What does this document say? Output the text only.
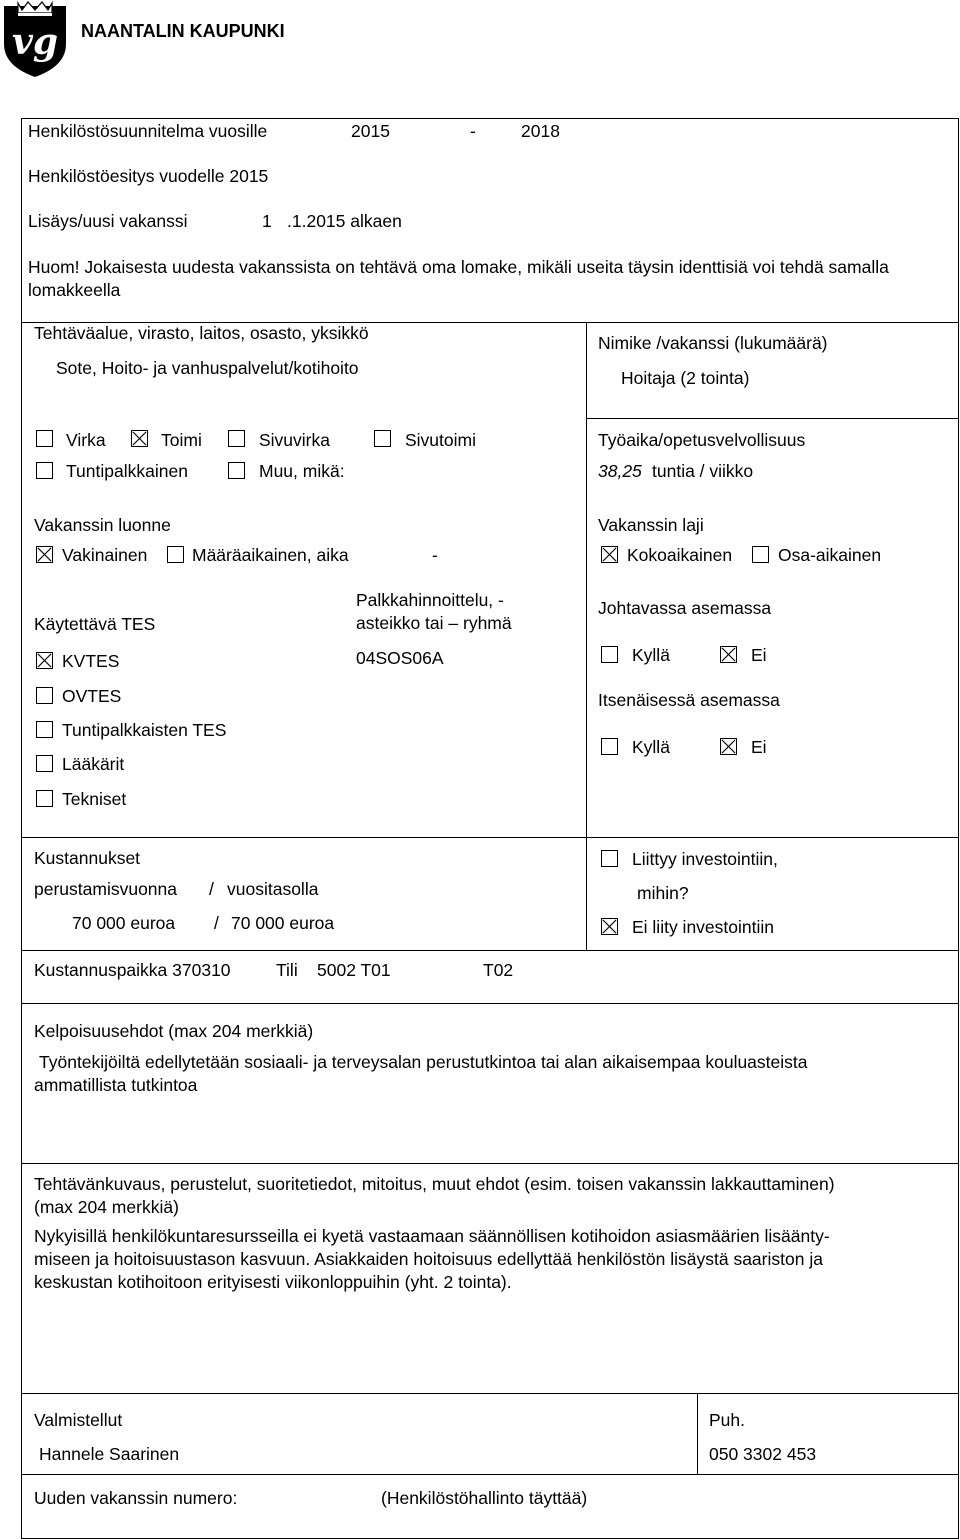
vg NAANTALIN KAUPUNKI
Henkilöstösuunnitelma vuosille	2015	-	2018
Henkilöstöesitys vuodelle 2015
Lisäys/uusi vakanssi	1 .1.2015 alkaen
Huom! Jokaisesta uudesta vakanssista on tehtävä oma lomake, mikäli useita täysin identtisiä voi tehdä samalla lomakkeella
Tehtäväalue, virasto, laitos, osasto, yksikkö
Sote, Hoito- ja vanhuspalvelut/kotihoito
Nimike /vakanssi (lukumäärä)
Hoitaja (2 tointa)
Virka	Toimi	Sivuvirka	Sivutoimi
Tuntipalkkainen	Muu, mikä:
Työaika/opetusvelvollisuus
38,25 tuntia / viikko
Vakanssin luonne
Vakinainen	Määräaikainen, aika	-
Vakanssin laji
Kokoaikainen	Osa-aikainen
Käytettävä TES
KVTES
OVTES
Tuntipalkkaisten TES
Lääkärit
Tekniset
Palkkahinnoittelu, -
asteikko tai – ryhmä
04SOS06A
Johtavassa asemassa
Kyllä	Ei
Itsenäisessä asemassa
Kyllä	Ei
Kustannukset
perustamisvuonna / vuositasolla
70 000 euroa / 70 000 euroa
Liittyy investointiin,
mihin?
Ei liity investointiin
Kustannuspaikka 370310	Tili 5002 T01	T02
Kelpoisuusehdot (max 204 merkkiä)
Työntekijöiltä edellytetään sosiaali- ja terveysalan perustutkintoa tai alan aikaisempaa kouluasteista
ammatillista tutkintoa
Tehtävänkuvaus, perustelut, suoritetiedot, mitoitus, muut ehdot (esim. toisen vakanssin lakkauttaminen)
(max 204 merkkiä)
Nykyisillä henkilökuntaresursseilla ei kyetä vastaamaan säännöllisen kotihoidon asiasmäärien lisäänty-
miseen ja hoitoisuustason kasvuun. Asiakkaiden hoitoisuus edellyttää henkilöstön lisäystä saariston ja
keskustan kotihoitoon erityisesti viikonloppuihin (yht. 2 tointa).
Valmistellut
Hannele Saarinen
Puh.
050 3302 453
Uuden vakanssin numero:	(Henkilöstöhallinto täyttää)
